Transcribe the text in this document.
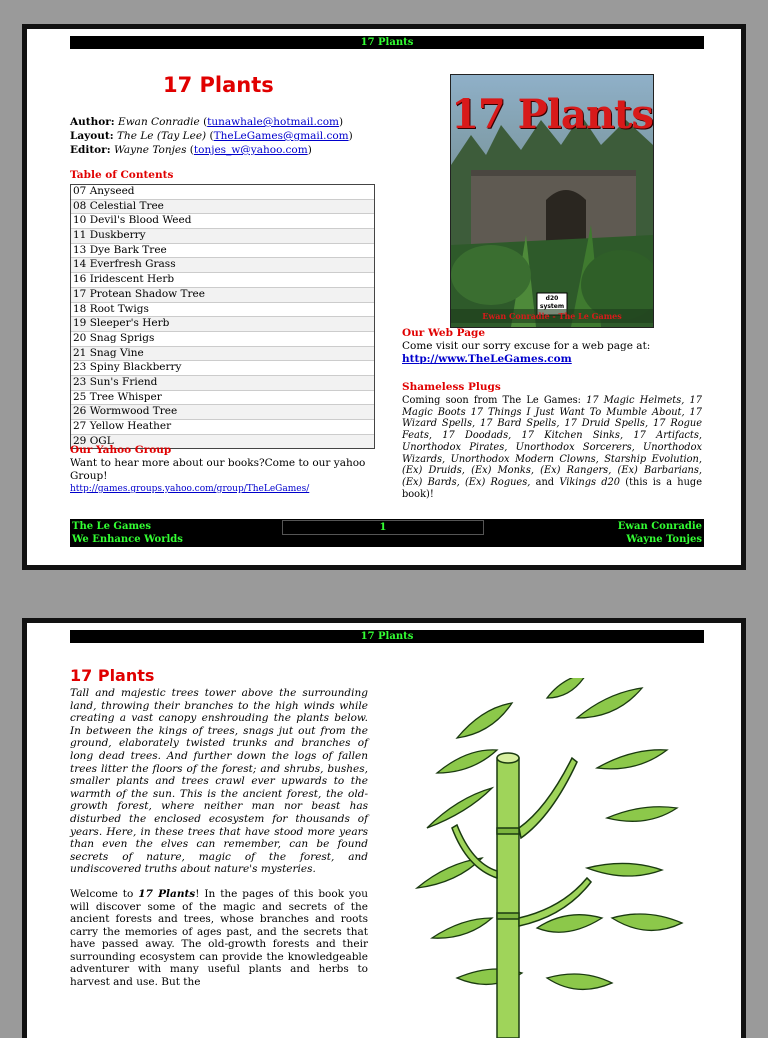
17 Plants
17 Plants
Author: Ewan Conradie (tunawhale@hotmail.com)
Layout: The Le (Tay Lee) (TheLeGames@gmail.com)
Editor: Wayne Tonjes (tonjes_w@yahoo.com)
Table of Contents
07 Anyseed
08 Celestial Tree
10 Devil's Blood Weed
11 Duskberry
13 Dye Bark Tree
14 Everfresh Grass
16 Iridescent Herb
17 Protean Shadow Tree
18 Root Twigs
19 Sleeper's Herb
20 Snag Sprigs
21 Snag Vine
23 Spiny Blackberry
23 Sun's Friend
25 Tree Whisper
26 Wormwood Tree
27 Yellow Heather
29 OGL
Our Yahoo Group
Want to hear more about our books?Come to our yahoo Group!
http://games.groups.yahoo.com/group/TheLeGames/
17 Plants
d20 system
Ewan Conradie - The Le Games
Our Web Page
Come visit our sorry excuse for a web page at:
http://www.TheLeGames.com
Shameless Plugs
Coming soon from The Le Games: 17 Magic Helmets, 17 Magic Boots 17 Things I Just Want To Mumble About, 17 Wizard Spells, 17 Bard Spells, 17 Druid Spells, 17 Rogue Feats, 17 Doodads, 17 Kitchen Sinks, 17 Artifacts, Unorthodox Pirates, Unorthodox Sorcerers, Unorthodox Wizards, Unorthodox Modern Clowns, Starship Evolution, (Ex) Druids, (Ex) Monks, (Ex) Rangers, (Ex) Barbarians, (Ex) Bards, (Ex) Rogues, and Vikings d20 (this is a huge book)!
The Le Games
We Enhance Worlds
1	Ewan Conradie
Wayne Tonjes
17 Plants
17 Plants

Tall and majestic trees tower above the surrounding land, throwing their branches to the high winds while creating a vast canopy enshrouding the plants below. In between the kings of trees, snags jut out from the ground, elaborately twisted trunks and branches of long dead trees. And further down the logs of fallen trees litter the floors of the forest; and shrubs, bushes, smaller plants and trees crawl ever upwards to the warmth of the sun. This is the ancient forest, the old-growth forest, where neither man nor beast has disturbed the enclosed ecosystem for thousands of years. Here, in these trees that have stood more years than even the elves can remember, can be found secrets of nature, magic of the forest, and undiscovered truths about nature's mysteries.

Welcome to 17 Plants! In the pages of this book you will discover some of the magic and secrets of the ancient forests and trees, whose branches and roots carry the memories of ages past, and the secrets that have passed away. The old-growth forests and their surrounding ecosystem can provide the knowledgeable adventurer with many useful plants and herbs to harvest and use. But the
